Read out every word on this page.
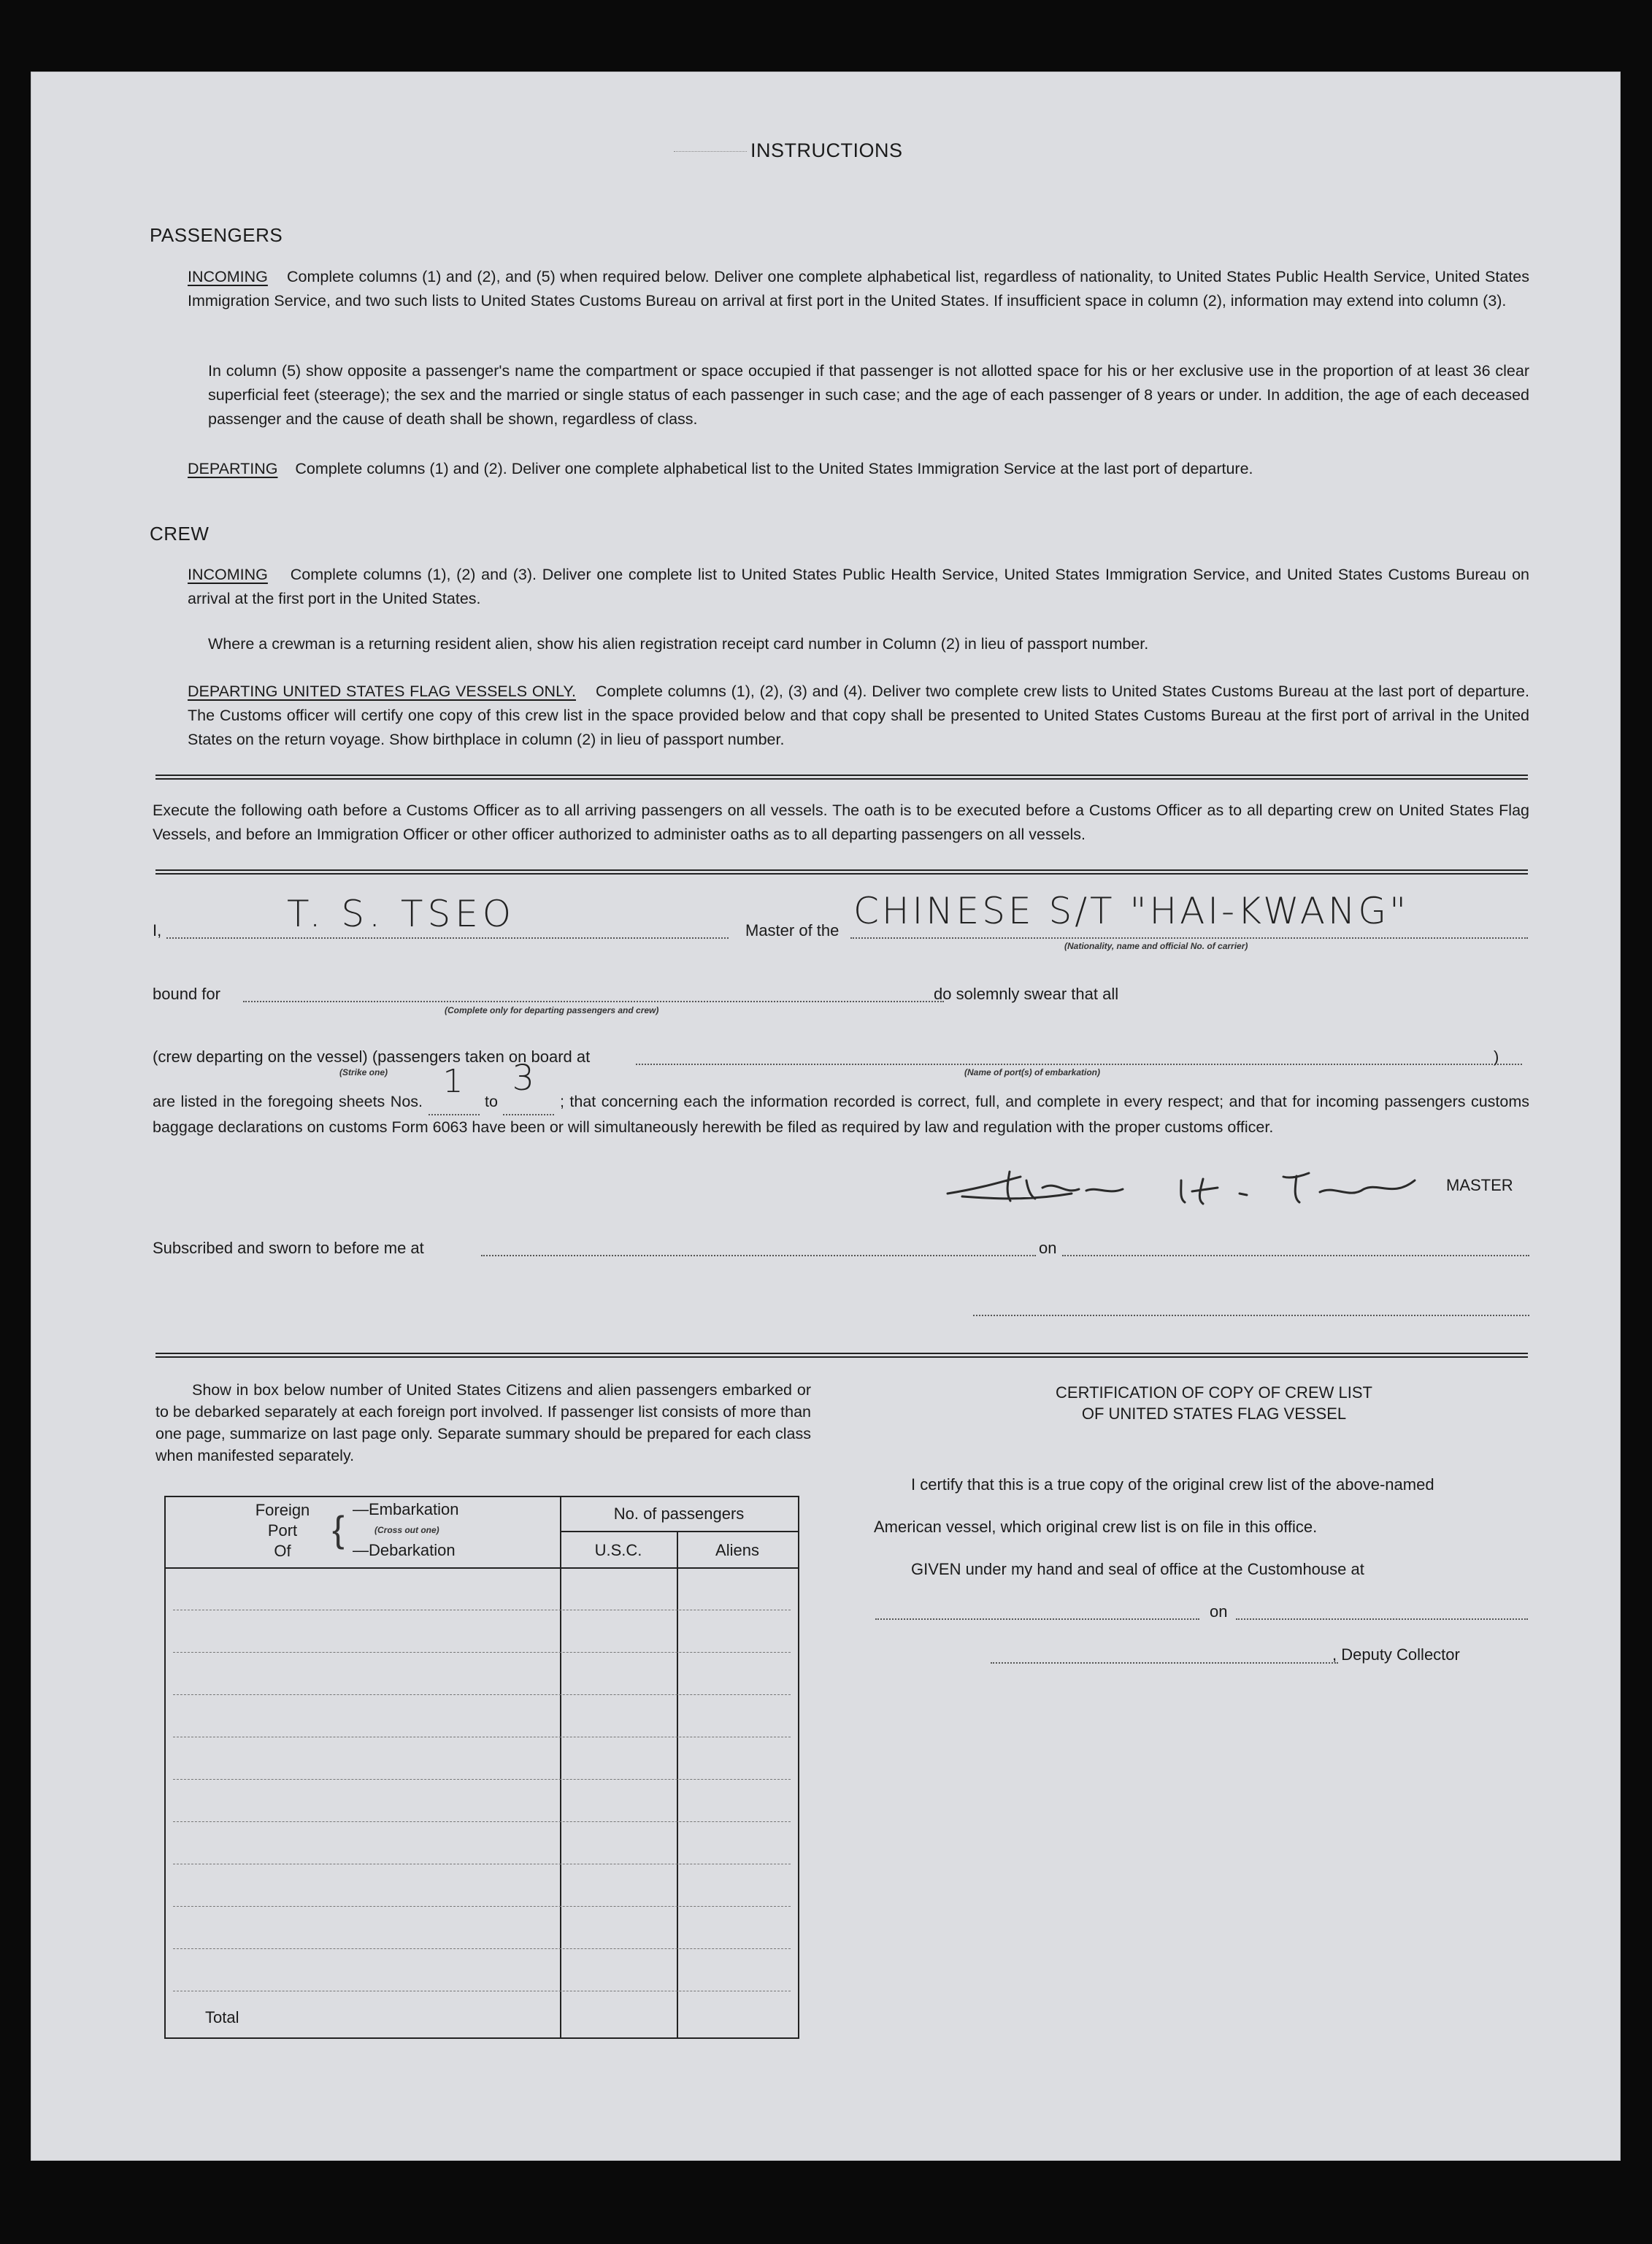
INSTRUCTIONS
PASSENGERS
INCOMING Complete columns (1) and (2), and (5) when required below. Deliver one complete alphabetical list, regardless of nationality, to United States Public Health Service, United States Immigration Service, and two such lists to United States Customs Bureau on arrival at first port in the United States. If insufficient space in column (2), information may extend into column (3).
In column (5) show opposite a passenger's name the compartment or space occupied if that passenger is not allotted space for his or her exclusive use in the proportion of at least 36 clear superficial feet (steerage); the sex and the married or single status of each passenger in such case; and the age of each passenger of 8 years or under. In addition, the age of each deceased passenger and the cause of death shall be shown, regardless of class.
DEPARTING Complete columns (1) and (2). Deliver one complete alphabetical list to the United States Immigration Service at the last port of departure.
CREW
INCOMING Complete columns (1), (2) and (3). Deliver one complete list to United States Public Health Service, United States Immigration Service, and United States Customs Bureau on arrival at the first port in the United States.
Where a crewman is a returning resident alien, show his alien registration receipt card number in Column (2) in lieu of passport number.
DEPARTING UNITED STATES FLAG VESSELS ONLY. Complete columns (1), (2), (3) and (4). Deliver two complete crew lists to United States Customs Bureau at the last port of departure. The Customs officer will certify one copy of this crew list in the space provided below and that copy shall be presented to United States Customs Bureau at the first port of arrival in the United States on the return voyage. Show birthplace in column (2) in lieu of passport number.
Execute the following oath before a Customs Officer as to all arriving passengers on all vessels. The oath is to be executed before a Customs Officer as to all departing crew on United States Flag Vessels, and before an Immigration Officer or other officer authorized to administer oaths as to all departing passengers on all vessels.
I,	T. S. TSEO	Master of the CHINESE S/T "HAI-KWANG"
(Nationality, name and official No. of carrier)
bound for
(Complete only for departing passengers and crew)
do solemnly swear that all
(crew departing on the vessel) (passengers taken on board at
(Strike one)	(Name of port(s) of embarkation)
)
are listed in the foregoing sheets Nos.
1
to
3
; that concerning each the information recorded is correct, full, and complete in every respect; and that for incoming passengers customs baggage declarations on customs Form 6063 have been or will simultaneously herewith be filed as required by law and regulation with the proper customs officer.
MASTER
Subscribed and sworn to before me at	on
Show in box below number of United States Citizens and alien passengers embarked or to be debarked separately at each foreign port involved. If passenger list consists of more than one page, summarize on last page only. Separate summary should be prepared for each class when manifested separately.
Foreign
Port
Of
{ —Embarkation
(Cross out one)
—Debarkation
No. of passengers
U.S.C.	Aliens
Total
CERTIFICATION OF COPY OF CREW LIST
OF UNITED STATES FLAG VESSEL
I certify that this is a true copy of the original crew list of the above-named
American vessel, which original crew list is on file in this office.
GIVEN under my hand and seal of office at the Customhouse at
on
, Deputy Collector
